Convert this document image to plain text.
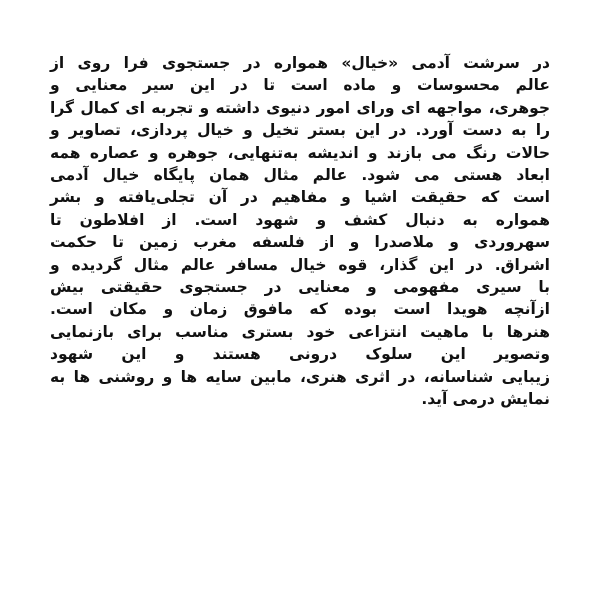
در سرشت آدمی «خیال» همواره در جستجوی فرا روی از
عالم محسوسات و ماده است تا در این سیر معنایی و
جوهری، مواجهه ای ورای امور دنیوی داشته و تجربه ای کمال گرا
را به دست آورد. در این بستر تخیل و خیال پردازی، تصاویر و
حالات رنگ می بازند و اندیشه به‌تنهایی، جوهره و عصاره همه
ابعاد هستی می شود. عالم مثال همان پایگاه خیال آدمی
است که حقیقت اشیا و مفاهیم در آن تجلی‌یافته و بشر
همواره به دنبال کشف و شهود است. از افلاطون تا
سهروردی و ملاصدرا و از فلسفه مغرب زمین تا حکمت
اشراق. در این گذار، قوه خیال مسافر عالم مثال گردیده و
با سیری مفهومی و معنایی در جستجوی حقیقتی بیش
ازآنچه هویدا است بوده که مافوق زمان و مکان است.
هنرها با ماهیت انتزاعی خود بستری مناسب برای بازنمایی
وتصویر این سلوک درونی هستند و این شهود
زیبایی شناسانه، در اثری هنری، مابین سایه ها و روشنی ها به
نمایش درمی آید.
